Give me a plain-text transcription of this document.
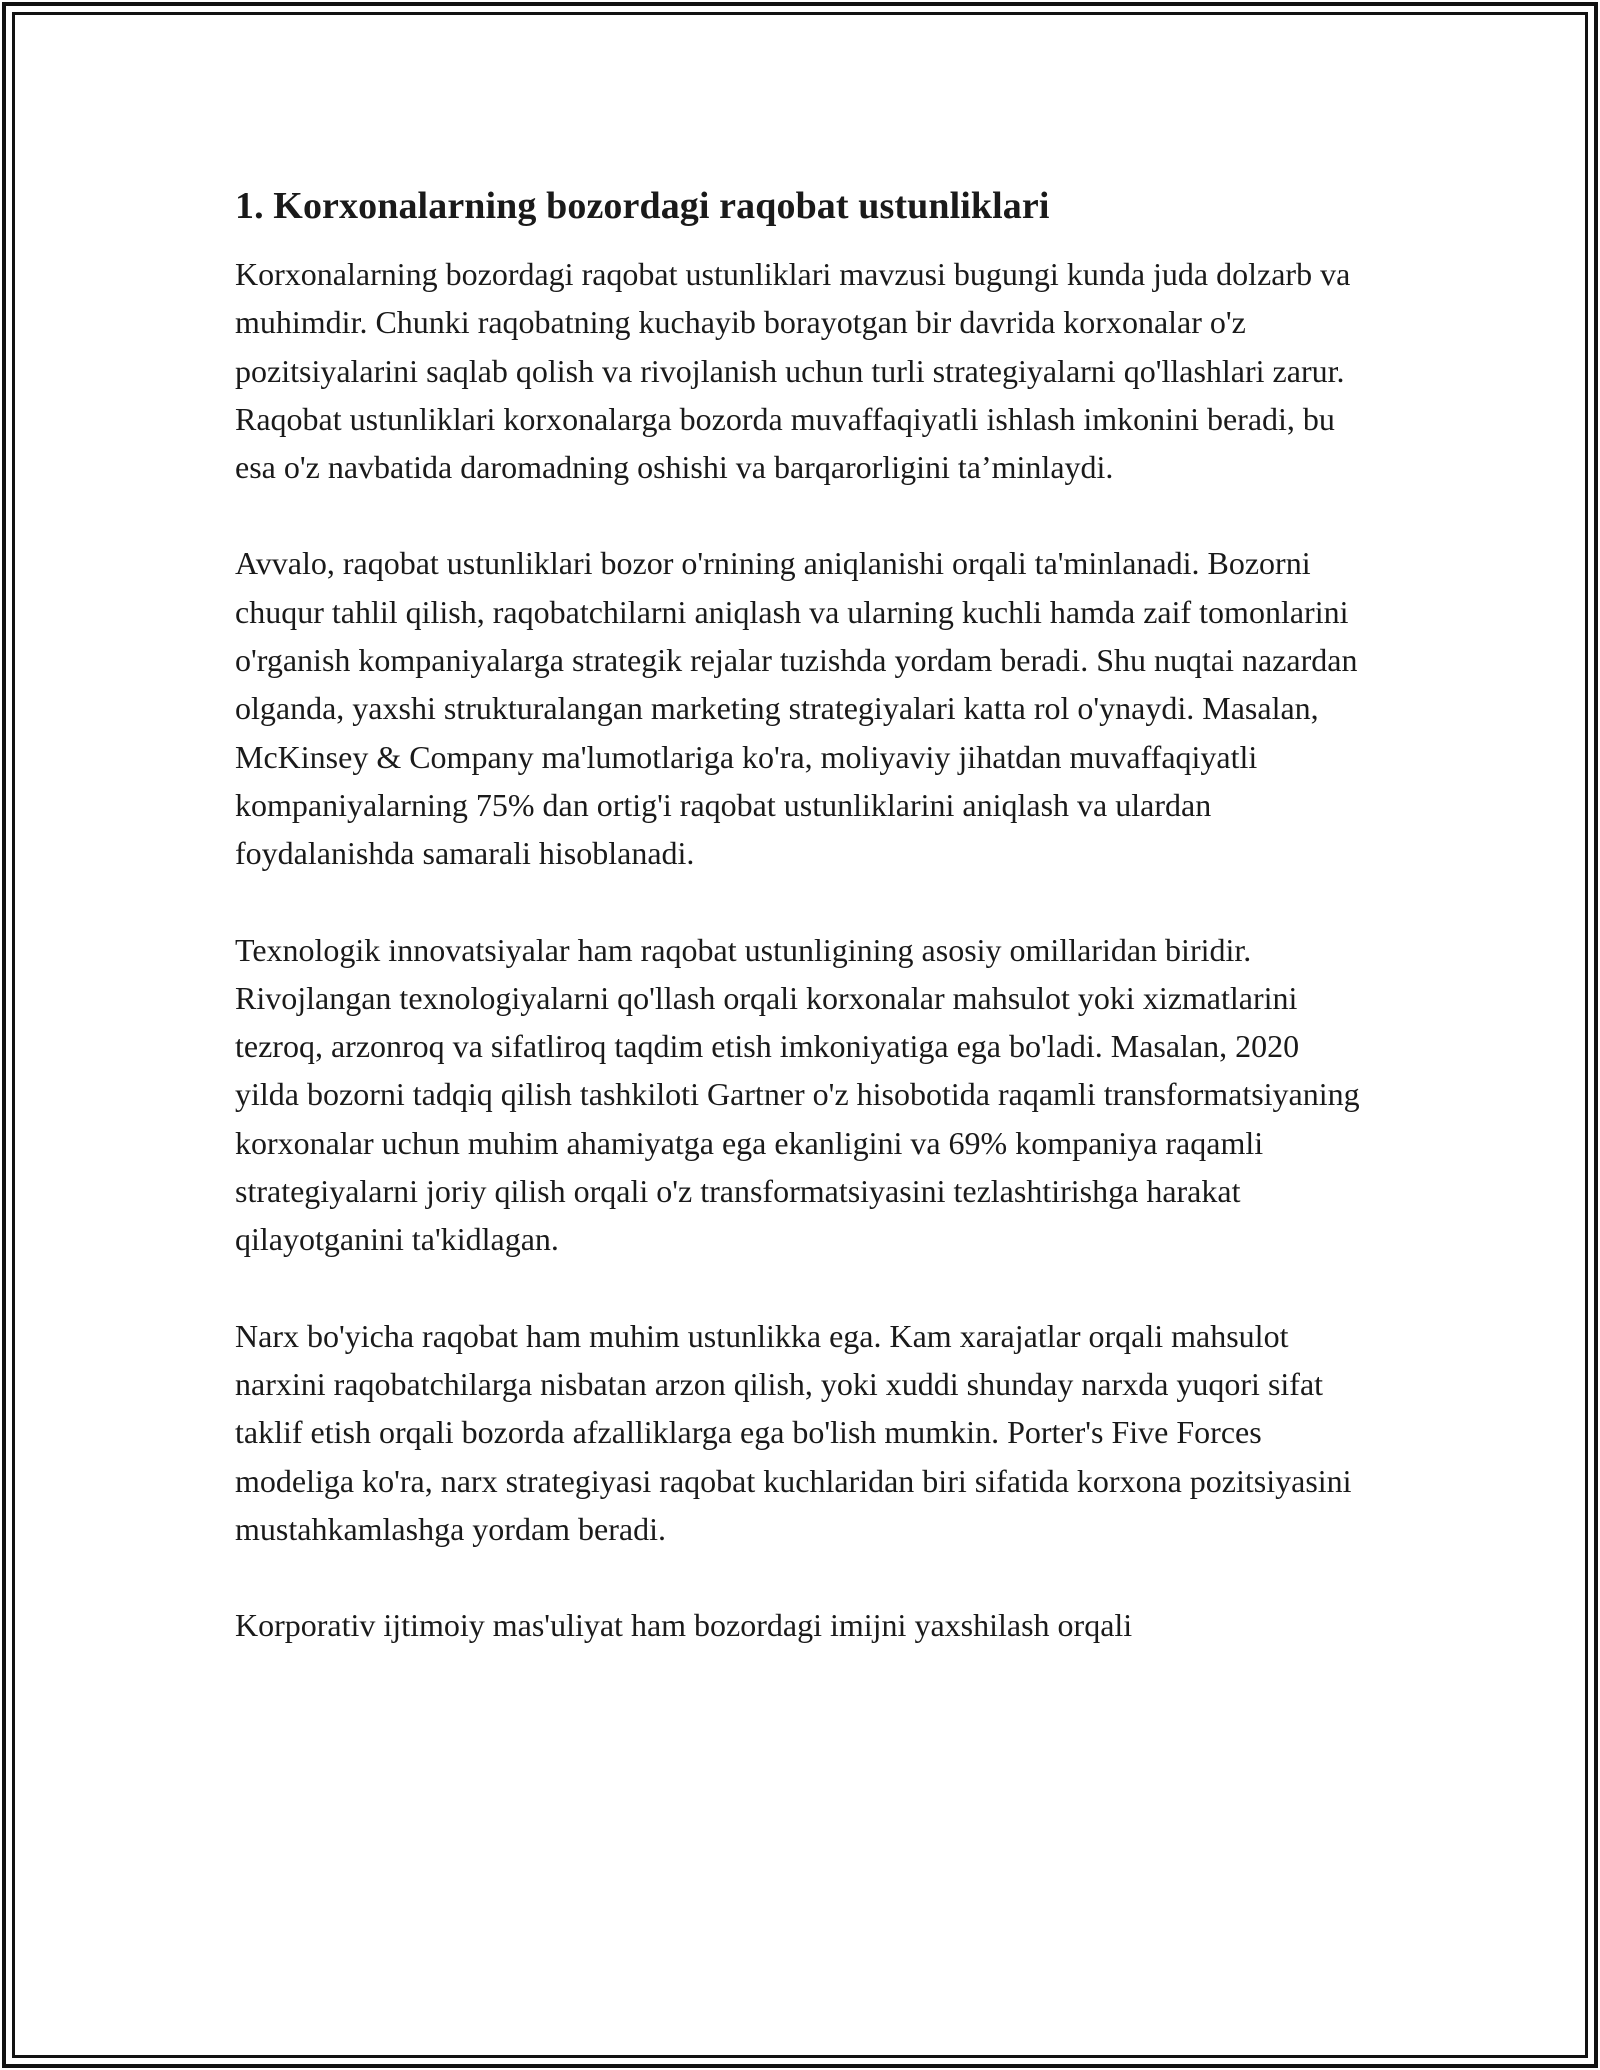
1. Korxonalarning bozordagi raqobat ustunliklari

Korxonalarning bozordagi raqobat ustunliklari mavzusi bugungi kunda juda dolzarb va muhimdir. Chunki raqobatning kuchayib borayotgan bir davrida korxonalar o'z pozitsiyalarini saqlab qolish va rivojlanish uchun turli strategiyalarni qo'llashlari zarur. Raqobat ustunliklari korxonalarga bozorda muvaffaqiyatli ishlash imkonini beradi, bu esa o'z navbatida daromadning oshishi va barqarorligini ta’minlaydi.

Avvalo, raqobat ustunliklari bozor o'rnining aniqlanishi orqali ta'minlanadi. Bozorni chuqur tahlil qilish, raqobatchilarni aniqlash va ularning kuchli hamda zaif tomonlarini o'rganish kompaniyalarga strategik rejalar tuzishda yordam beradi. Shu nuqtai nazardan olganda, yaxshi strukturalangan marketing strategiyalari katta rol o'ynaydi. Masalan, McKinsey & Company ma'lumotlariga ko'ra, moliyaviy jihatdan muvaffaqiyatli kompaniyalarning 75% dan ortig'i raqobat ustunliklarini aniqlash va ulardan foydalanishda samarali hisoblanadi.

Texnologik innovatsiyalar ham raqobat ustunligining asosiy omillaridan biridir. Rivojlangan texnologiyalarni qo'llash orqali korxonalar mahsulot yoki xizmatlarini tezroq, arzonroq va sifatliroq taqdim etish imkoniyatiga ega bo'ladi. Masalan, 2020 yilda bozorni tadqiq qilish tashkiloti Gartner o'z hisobotida raqamli transformatsiyaning korxonalar uchun muhim ahamiyatga ega ekanligini va 69% kompaniya raqamli strategiyalarni joriy qilish orqali o'z transformatsiyasini tezlashtirishga harakat qilayotganini ta'kidlagan.

Narx bo'yicha raqobat ham muhim ustunlikka ega. Kam xarajatlar orqali mahsulot narxini raqobatchilarga nisbatan arzon qilish, yoki xuddi shunday narxda yuqori sifat taklif etish orqali bozorda afzalliklarga ega bo'lish mumkin. Porter's Five Forces modeliga ko'ra, narx strategiyasi raqobat kuchlaridan biri sifatida korxona pozitsiyasini mustahkamlashga yordam beradi.

Korporativ ijtimoiy mas'uliyat ham bozordagi imijni yaxshilash orqali
